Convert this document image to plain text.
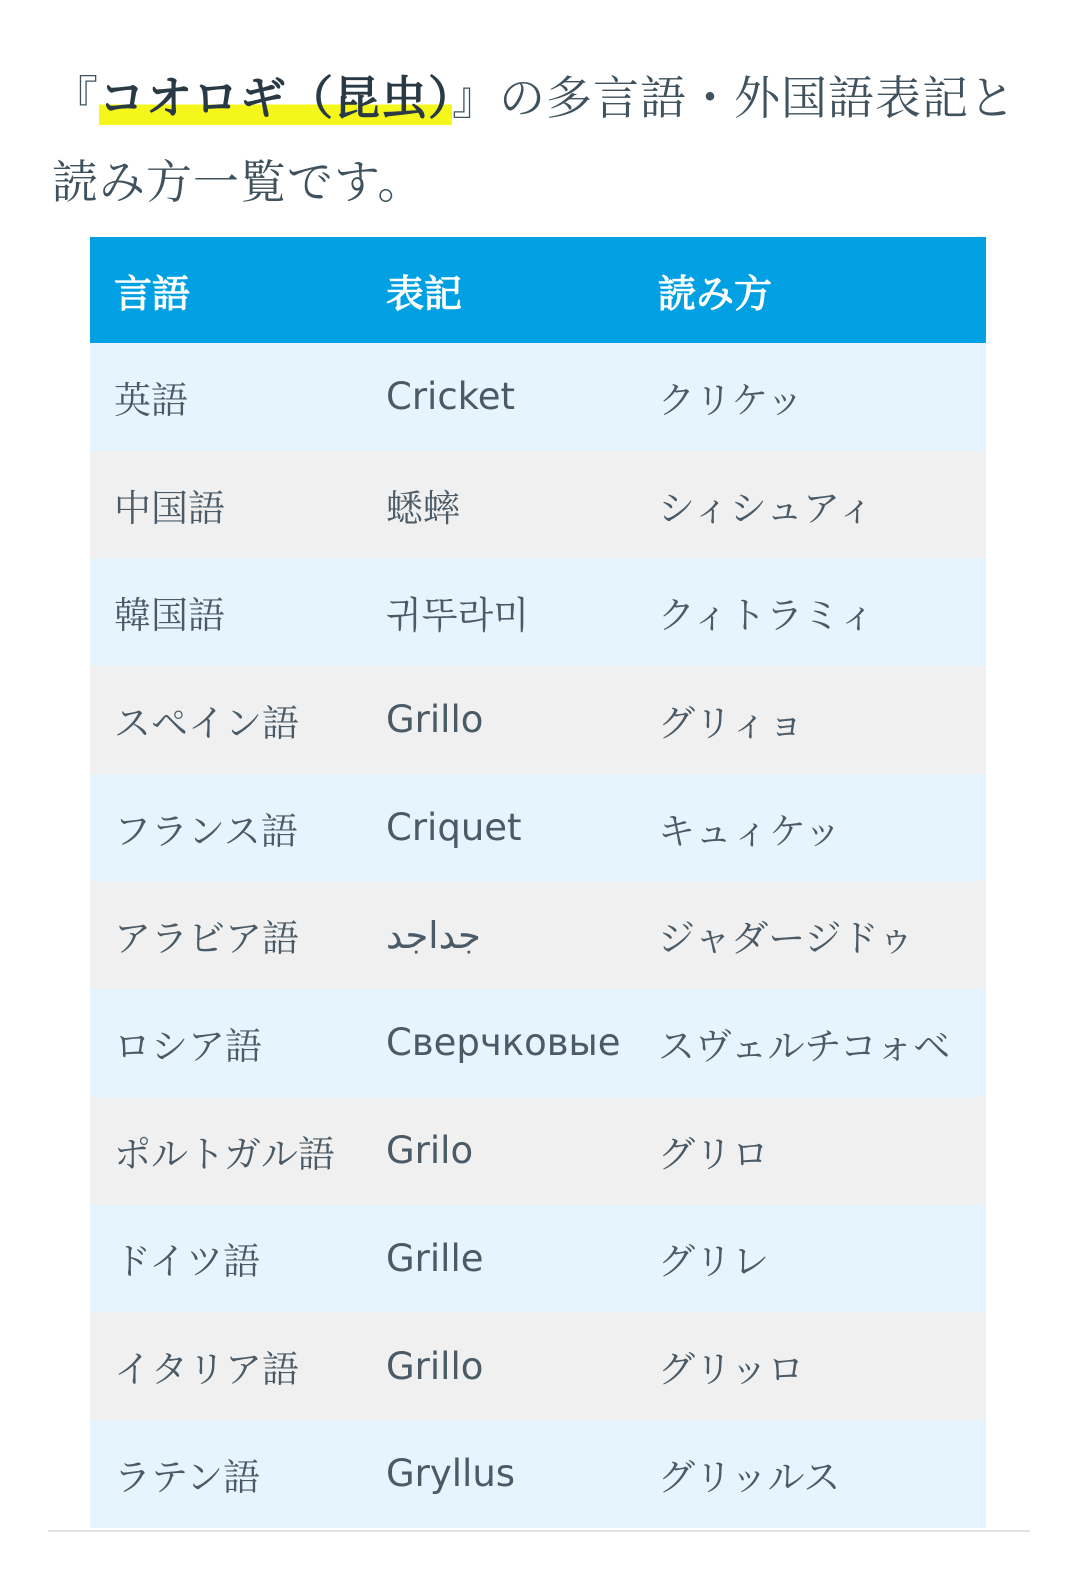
『コオロギ（昆虫）』の多言語・外国語表記と読み方一覧です。

言語	表記	読み方
英語	Cricket	クリケッ
中国語	蟋蟀	シィシュアィ
韓国語	귀뚜라미	クィトラミィ
スペイン語	Grillo	グリィョ
フランス語	Criquet	キュィケッ
アラビア語	جداجد	ジャダージドゥ
ロシア語	Сверчковые	スヴェルチコォベ
ポルトガル語	Grilo	グリロ
ドイツ語	Grille	グリレ
イタリア語	Grillo	グリッロ
ラテン語	Gryllus	グリッルス
